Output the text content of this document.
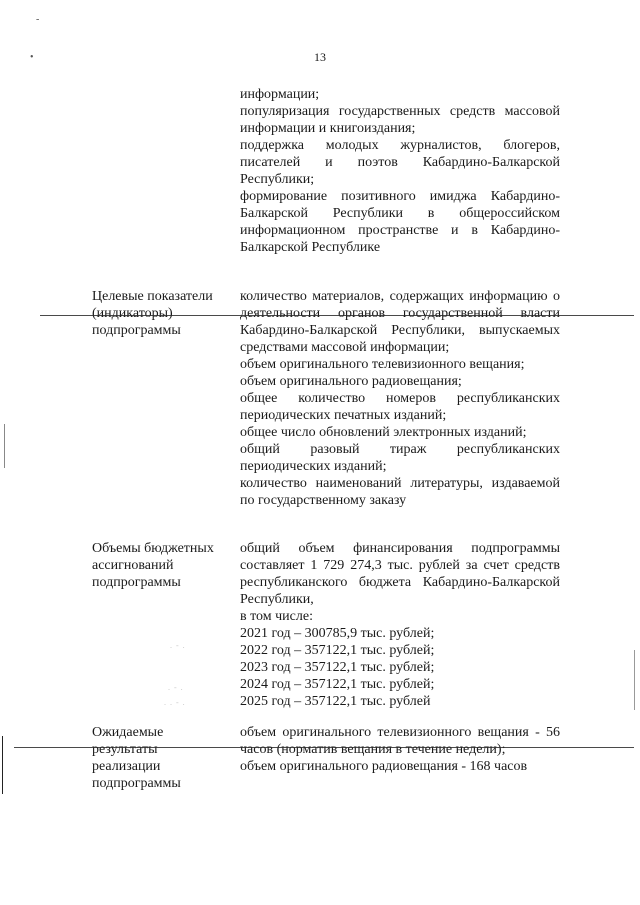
13
-
•
. - .
. - .
. . - .
информации;
популяризация государственных средств массовой информации и книгоиздания;
поддержка молодых журналистов, блогеров, писателей и поэтов Кабардино-Балкарской Республики;
формирование позитивного имиджа Кабардино-Балкарской Республики в общероссийском информационном пространстве и в Кабардино-Балкарской Республике
Целевые показатели
(индикаторы)
подпрограммы
количество материалов, содержащих информацию о деятельности органов государственной власти Кабардино-Балкарской Республики, выпускаемых средствами массовой информации;
объем оригинального телевизионного вещания;
объем оригинального радиовещания;
общее количество номеров республиканских периодических печатных изданий;
общее число обновлений электронных изданий;
общий разовый тираж республиканских периодических изданий;
количество наименований литературы, издаваемой по государственному заказу
Объемы бюджетных
ассигнований
подпрограммы
общий объем финансирования подпрограммы составляет 1 729 274,3 тыс. рублей за счет средств республиканского бюджета Кабардино-Балкарской Республики,
в том числе:
2021 год – 300785,9 тыс. рублей;
2022 год – 357122,1 тыс. рублей;
2023 год – 357122,1 тыс. рублей;
2024 год – 357122,1 тыс. рублей;
2025 год – 357122,1 тыс. рублей
Ожидаемые
результаты
реализации
подпрограммы
объем оригинального телевизионного вещания - 56 часов (норматив вещания в течение недели);
объем оригинального радиовещания - 168 часов
